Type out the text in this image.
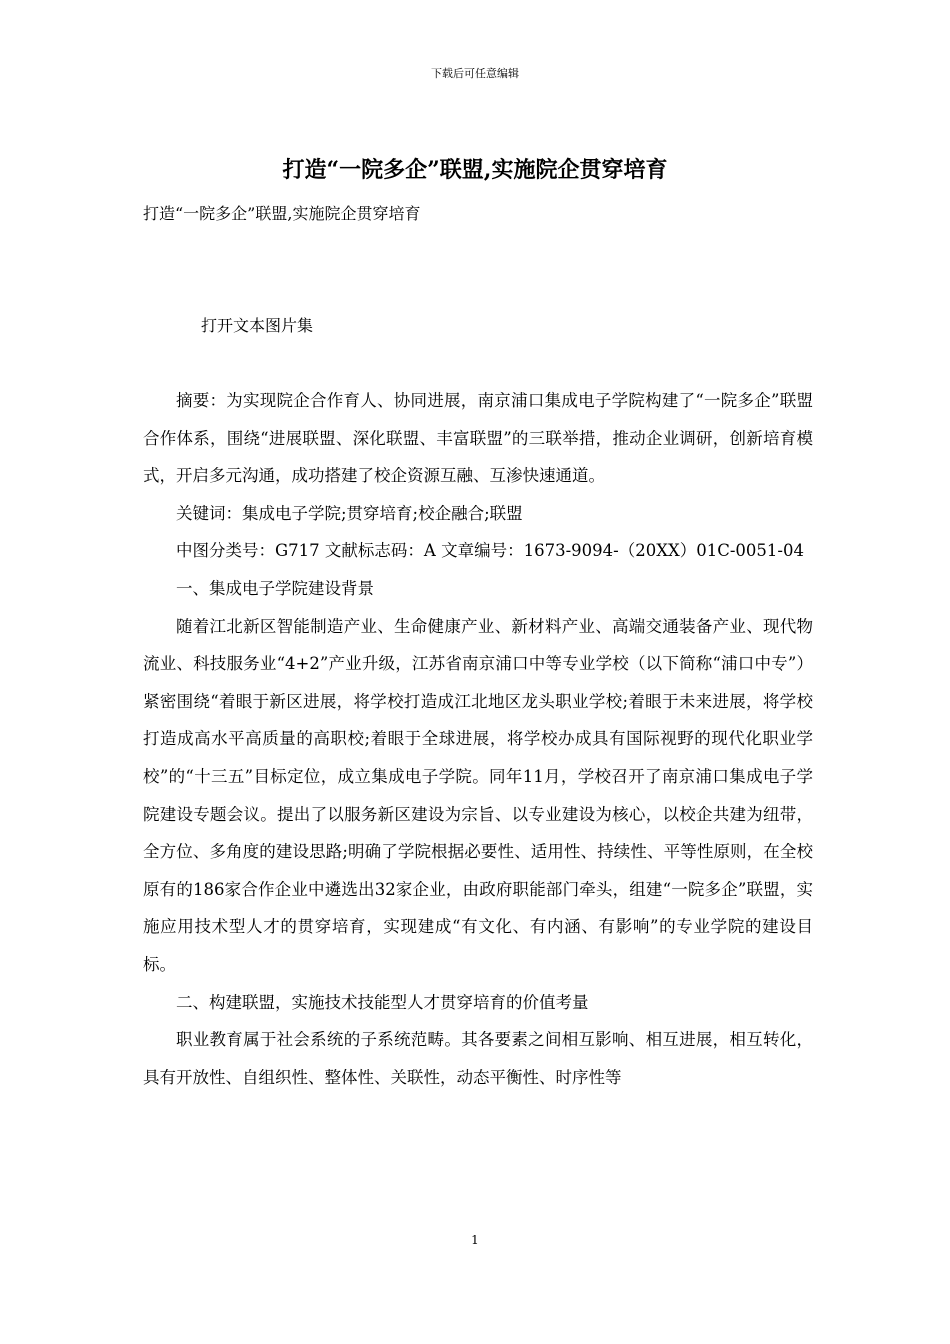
下载后可任意编辑
打造“一院多企”联盟,实施院企贯穿培育

打造“一院多企”联盟,实施院企贯穿培育

打开文本图片集

摘要：为实现院企合作育人、协同进展，南京浦口集成电子学院构建了“一院多企”联盟合作体系，围绕“进展联盟、深化联盟、丰富联盟”的三联举措，推动企业调研，创新培育模式，开启多元沟通，成功搭建了校企资源互融、互渗快速通道。

关键词：集成电子学院;贯穿培育;校企融合;联盟

中图分类号：G717 文献标志码：A 文章编号：1673-9094-（20XX）01C-0051-04

一、集成电子学院建设背景

随着江北新区智能制造产业、生命健康产业、新材料产业、高端交通装备产业、现代物流业、科技服务业“4+2”产业升级，江苏省南京浦口中等专业学校（以下简称“浦口中专”）紧密围绕“着眼于新区进展，将学校打造成江北地区龙头职业学校;着眼于未来进展，将学校打造成高水平高质量的高职校;着眼于全球进展，将学校办成具有国际视野的现代化职业学校”的“十三五”目标定位，成立集成电子学院。同年11月，学校召开了南京浦口集成电子学院建设专题会议。提出了以服务新区建设为宗旨、以专业建设为核心，以校企共建为纽带，全方位、多角度的建设思路;明确了学院根据必要性、适用性、持续性、平等性原则，在全校原有的186家合作企业中遴选出32家企业，由政府职能部门牵头，组建“一院多企”联盟，实施应用技术型人才的贯穿培育，实现建成“有文化、有内涵、有影响”的专业学院的建设目标。

二、构建联盟，实施技术技能型人才贯穿培育的价值考量

职业教育属于社会系统的子系统范畴。其各要素之间相互影响、相互进展，相互转化，具有开放性、自组织性、整体性、关联性，动态平衡性、时序性等

1
